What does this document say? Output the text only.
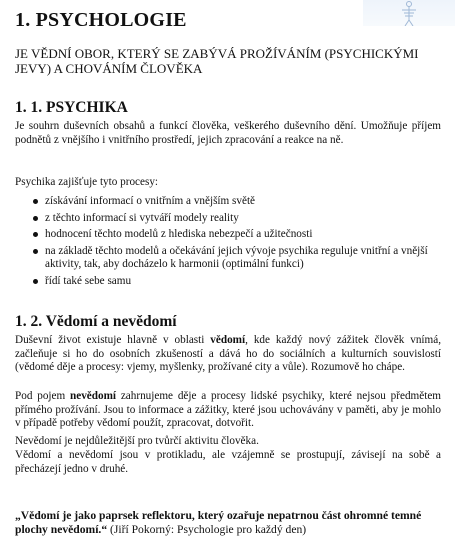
1. PSYCHOLOGIE

JE VĚDNÍ OBOR, KTERÝ SE ZABÝVÁ PROŽÍVÁNÍM (PSYCHICKÝMI JEVY) A CHOVÁNÍM ČLOVĚKA

1. 1. PSYCHIKA

Je souhrn duševních obsahů a funkcí člověka, veškerého duševního dění. Umožňuje příjem podnětů z vnějšího i vnitřního prostředí, jejich zpracování a reakce na ně.

Psychika zajišťuje tyto procesy:

získávání informací o vnitřním a vnějším světě
z těchto informací si vytváří modely reality
hodnocení těchto modelů z hlediska nebezpečí a užitečnosti
na základě těchto modelů a očekávání jejich vývoje psychika reguluje vnitřní a vnější aktivity, tak, aby docházelo k harmonii (optimální funkci)
řídí také sebe samu
1. 2. Vědomí a nevědomí

Duševní život existuje hlavně v oblasti vědomí, kde každý nový zážitek člověk vnímá, začleňuje si ho do osobních zkušeností a dává ho do sociálních a kulturních souvislostí (vědomé děje a procesy: vjemy, myšlenky, prožívané city a vůle). Rozumově ho chápe.

Pod pojem nevědomí zahrnujeme děje a procesy lidské psychiky, které nejsou předmětem přímého prožívání. Jsou to informace a zážitky, které jsou uchovávány v paměti, aby je mohlo v případě potřeby vědomí použít, zpracovat, dotvořit.

Nevědomí je nejdůležitější pro tvůrčí aktivitu člověka.

Vědomí a nevědomí jsou v protikladu, ale vzájemně se prostupují, závisejí na sobě a přecházejí jedno v druhé.

„Vědomí je jako paprsek reflektoru, který ozařuje nepatrnou část ohromné temné plochy nevědomí.“ (Jiří Pokorný: Psychologie pro každý den)
